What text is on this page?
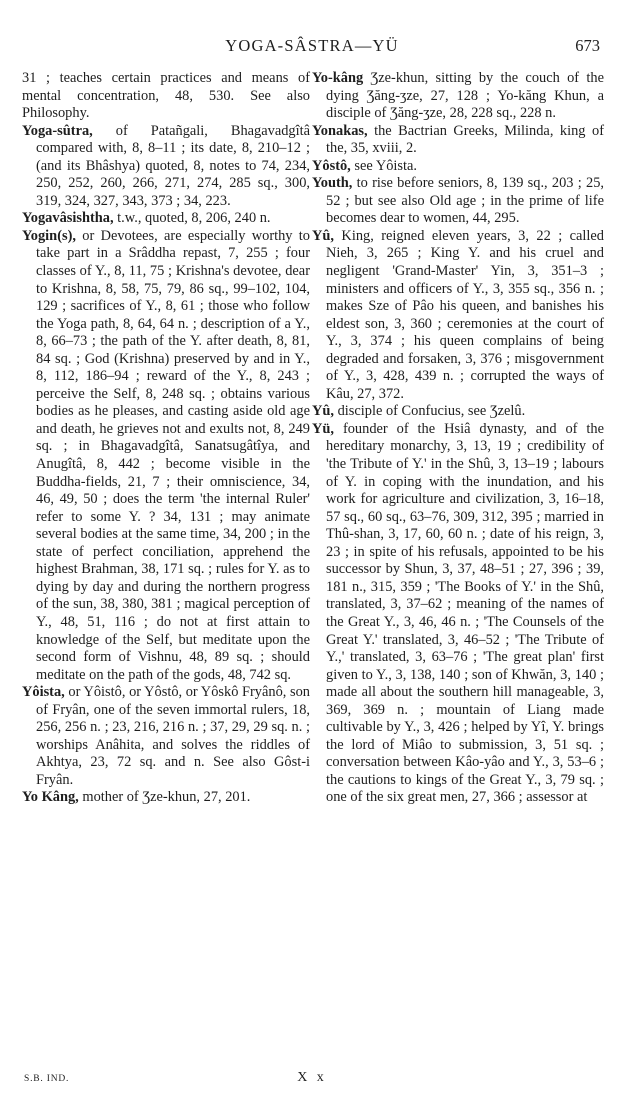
YOGA-SÂSTRA—YÜ	673

31 ; teaches certain practices and means of mental concentration, 48, 530. See also Philosophy.

Yoga-sûtra, of Patañgali, Bhagavadgîtâ compared with, 8, 8–11 ; its date, 8, 210–12 ; (and its Bhâshya) quoted, 8, notes to 74, 234, 250, 252, 260, 266, 271, 274, 285 sq., 300, 319, 324, 327, 343, 373 ; 34, 223.

Yogavâsishtha, t.w., quoted, 8, 206, 240 n.

Yogin(s), or Devotees, are especially worthy to take part in a Srâddha repast, 7, 255 ; four classes of Y., 8, 11, 75 ; Krishna's devotee, dear to Krishna, 8, 58, 75, 79, 86 sq., 99–102, 104, 129 ; sacrifices of Y., 8, 61 ; those who follow the Yoga path, 8, 64, 64 n. ; description of a Y., 8, 66–73 ; the path of the Y. after death, 8, 81, 84 sq. ; God (Krishna) preserved by and in Y., 8, 112, 186–94 ; reward of the Y., 8, 243 ; perceive the Self, 8, 248 sq. ; obtains various bodies as he pleases, and casting aside old age and death, he grieves not and exults not, 8, 249 sq. ; in Bhagavadgîtâ, Sanatsugâtîya, and Anugîtâ, 8, 442 ; become visible in the Buddha-fields, 21, 7 ; their omniscience, 34, 46, 49, 50 ; does the term 'the internal Ruler' refer to some Y. ? 34, 131 ; may animate several bodies at the same time, 34, 200 ; in the state of perfect conciliation, apprehend the highest Brahman, 38, 171 sq. ; rules for Y. as to dying by day and during the northern progress of the sun, 38, 380, 381 ; magical perception of Y., 48, 51, 116 ; do not at first attain to knowledge of the Self, but meditate upon the second form of Vishnu, 48, 89 sq. ; should meditate on the path of the gods, 48, 742 sq.

Yôista, or Yôistô, or Yôstô, or Yôskô Fryânô, son of Fryân, one of the seven immortal rulers, 18, 256, 256 n. ; 23, 216, 216 n. ; 37, 29, 29 sq. n. ; worships Anâhita, and solves the riddles of Akhtya, 23, 72 sq. and n. See also Gôst-i Fryân.

Yo Kâng, mother of Ʒze-khun, 27, 201.

Yo-kâng Ʒze-khun, sitting by the couch of the dying Ʒăng-ʒze, 27, 128 ; Yo-kăng Khun, a disciple of Ʒăng-ʒze, 28, 228 sq., 228 n.

Yonakas, the Bactrian Greeks, Milinda, king of the, 35, xviii, 2.

Yôstô, see Yôista.

Youth, to rise before seniors, 8, 139 sq., 203 ; 25, 52 ; but see also Old age ; in the prime of life becomes dear to women, 44, 295.

Yû, King, reigned eleven years, 3, 22 ; called Nieh, 3, 265 ; King Y. and his cruel and negligent 'Grand-Master' Yin, 3, 351–3 ; ministers and officers of Y., 3, 355 sq., 356 n. ; makes Sze of Pâo his queen, and banishes his eldest son, 3, 360 ; ceremonies at the court of Y., 3, 374 ; his queen complains of being degraded and forsaken, 3, 376 ; misgovernment of Y., 3, 428, 439 n. ; corrupted the ways of Kâu, 27, 372.

Yû, disciple of Confucius, see Ʒzelû.

Yü, founder of the Hsiâ dynasty, and of the hereditary monarchy, 3, 13, 19 ; credibility of 'the Tribute of Y.' in the Shû, 3, 13–19 ; labours of Y. in coping with the inundation, and his work for agriculture and civilization, 3, 16–18, 57 sq., 60 sq., 63–76, 309, 312, 395 ; married in Thû-shan, 3, 17, 60, 60 n. ; date of his reign, 3, 23 ; in spite of his refusals, appointed to be his successor by Shun, 3, 37, 48–51 ; 27, 396 ; 39, 181 n., 315, 359 ; 'The Books of Y.' in the Shû, translated, 3, 37–62 ; meaning of the names of the Great Y., 3, 46, 46 n. ; 'The Counsels of the Great Y.' translated, 3, 46–52 ; 'The Tribute of Y.,' translated, 3, 63–76 ; 'The great plan' first given to Y., 3, 138, 140 ; son of Khwăn, 3, 140 ; made all about the southern hill manageable, 3, 369, 369 n. ; mountain of Liang made cultivable by Y., 3, 426 ; helped by Yî, Y. brings the lord of Miâo to submission, 3, 51 sq. ; conversation between Kâo-yâo and Y., 3, 53–6 ; the cautions to kings of the Great Y., 3, 79 sq. ; one of the six great men, 27, 366 ; assessor at

S.B. IND.	X x
